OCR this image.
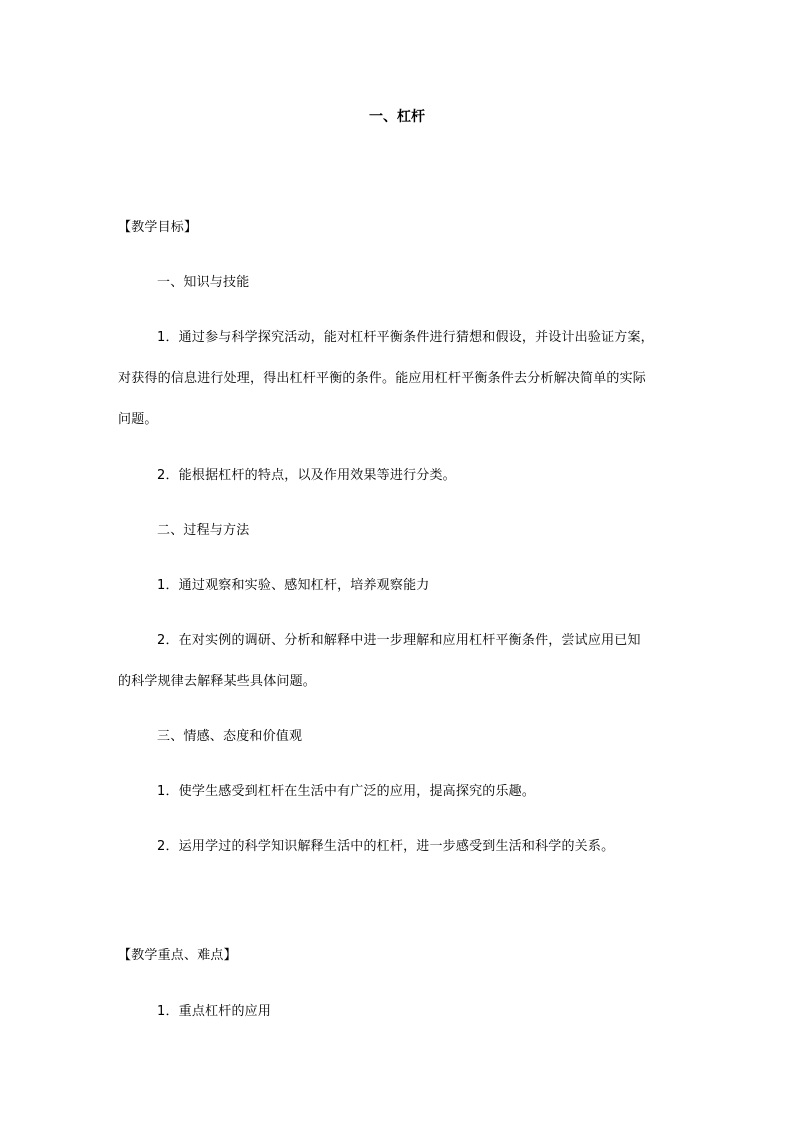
一、杠杆
【教学目标】
一、知识与技能
1．通过参与科学探究活动，能对杠杆平衡条件进行猜想和假设，并设计出验证方案，
对获得的信息进行处理，得出杠杆平衡的条件。能应用杠杆平衡条件去分析解决简单的实际
问题。
2．能根据杠杆的特点，以及作用效果等进行分类。
二、过程与方法
1．通过观察和实验、感知杠杆，培养观察能力
2．在对实例的调研、分析和解释中进一步理解和应用杠杆平衡条件，尝试应用已知
的科学规律去解释某些具体问题。
三、情感、态度和价值观
1．使学生感受到杠杆在生活中有广泛的应用，提高探究的乐趣。
2．运用学过的科学知识解释生活中的杠杆，进一步感受到生活和科学的关系。
【教学重点、难点】
1．重点杠杆的应用
